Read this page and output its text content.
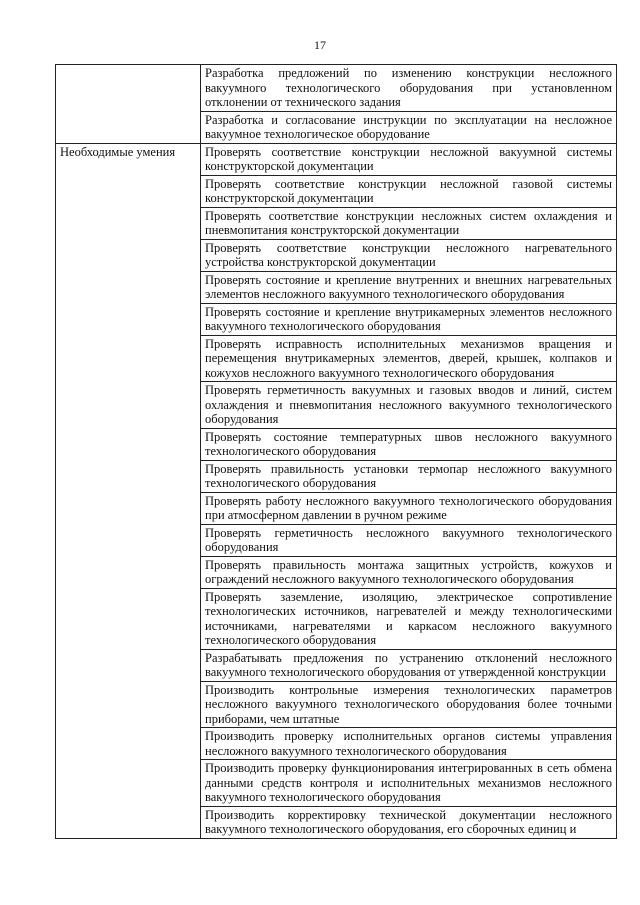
17
	Разработка предложений по изменению конструкции несложного вакуумного технологического оборудования при установленном отклонении от технического задания
	Разработка и согласование инструкции по эксплуатации на несложное вакуумное технологическое оборудование
Необходимые умения	Проверять соответствие конструкции несложной вакуумной системы конструкторской документации
	Проверять соответствие конструкции несложной газовой системы конструкторской документации
	Проверять соответствие конструкции несложных систем охлаждения и пневмопитания конструкторской документации
	Проверять соответствие конструкции несложного нагревательного устройства конструкторской документации
	Проверять состояние и крепление внутренних и внешних нагревательных элементов несложного вакуумного технологического оборудования
	Проверять состояние и крепление внутрикамерных элементов несложного вакуумного технологического оборудования
	Проверять исправность исполнительных механизмов вращения и перемещения внутрикамерных элементов, дверей, крышек, колпаков и кожухов несложного вакуумного технологического оборудования
	Проверять герметичность вакуумных и газовых вводов и линий, систем охлаждения и пневмопитания несложного вакуумного технологического оборудования
	Проверять состояние температурных швов несложного вакуумного технологического оборудования
	Проверять правильность установки термопар несложного вакуумного технологического оборудования
	Проверять работу несложного вакуумного технологического оборудования при атмосферном давлении в ручном режиме
	Проверять герметичность несложного вакуумного технологического оборудования
	Проверять правильность монтажа защитных устройств, кожухов и ограждений несложного вакуумного технологического оборудования
	Проверять заземление, изоляцию, электрическое сопротивление технологических источников, нагревателей и между технологическими источниками, нагревателями и каркасом несложного вакуумного технологического оборудования
	Разрабатывать предложения по устранению отклонений несложного вакуумного технологического оборудования от утвержденной конструкции
	Производить контрольные измерения технологических параметров несложного вакуумного технологического оборудования более точными приборами, чем штатные
	Производить проверку исполнительных органов системы управления несложного вакуумного технологического оборудования
	Производить проверку функционирования интегрированных в сеть обмена данными средств контроля и исполнительных механизмов несложного вакуумного технологического оборудования
	Производить корректировку технической документации несложного вакуумного технологического оборудования, его сборочных единиц и
